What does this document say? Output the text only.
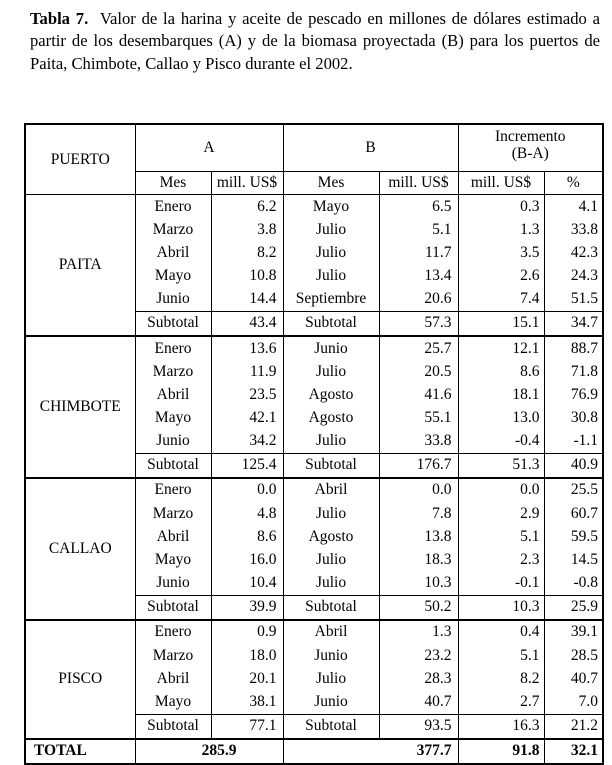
Tabla 7. Valor de la harina y aceite de pescado en millones de dólares estimado a partir de los desembarques (A) y de la biomasa proyectada (B) para los puertos de Paita, Chimbote, Callao y Pisco durante el 2002.
PUERTO	A		B		Incremento
(B-A)	
	Mes	mill. US$	Mes	mill. US$	mill. US$	%
PAITA	Enero	6.2	Mayo	6.5	0.3	4.1
	Marzo	3.8	Julio	5.1	1.3	33.8
	Abril	8.2	Julio	11.7	3.5	42.3
	Mayo	10.8	Julio	13.4	2.6	24.3
	Junio	14.4	Septiembre	20.6	7.4	51.5
	Subtotal	43.4	Subtotal	57.3	15.1	34.7
CHIMBOTE	Enero	13.6	Junio	25.7	12.1	88.7
	Marzo	11.9	Julio	20.5	8.6	71.8
	Abril	23.5	Agosto	41.6	18.1	76.9
	Mayo	42.1	Agosto	55.1	13.0	30.8
	Junio	34.2	Julio	33.8	-0.4	-1.1
	Subtotal	125.4	Subtotal	176.7	51.3	40.9
CALLAO	Enero	0.0	Abril	0.0	0.0	25.5
	Marzo	4.8	Julio	7.8	2.9	60.7
	Abril	8.6	Agosto	13.8	5.1	59.5
	Mayo	16.0	Julio	18.3	2.3	14.5
	Junio	10.4	Julio	10.3	-0.1	-0.8
	Subtotal	39.9	Subtotal	50.2	10.3	25.9
PISCO	Enero	0.9	Abril	1.3	0.4	39.1
	Marzo	18.0	Junio	23.2	5.1	28.5
	Abril	20.1	Julio	28.3	8.2	40.7
	Mayo	38.1	Junio	40.7	2.7	7.0
	Subtotal	77.1	Subtotal	93.5	16.3	21.2
TOTAL	285.9		377.7		91.8	32.1
